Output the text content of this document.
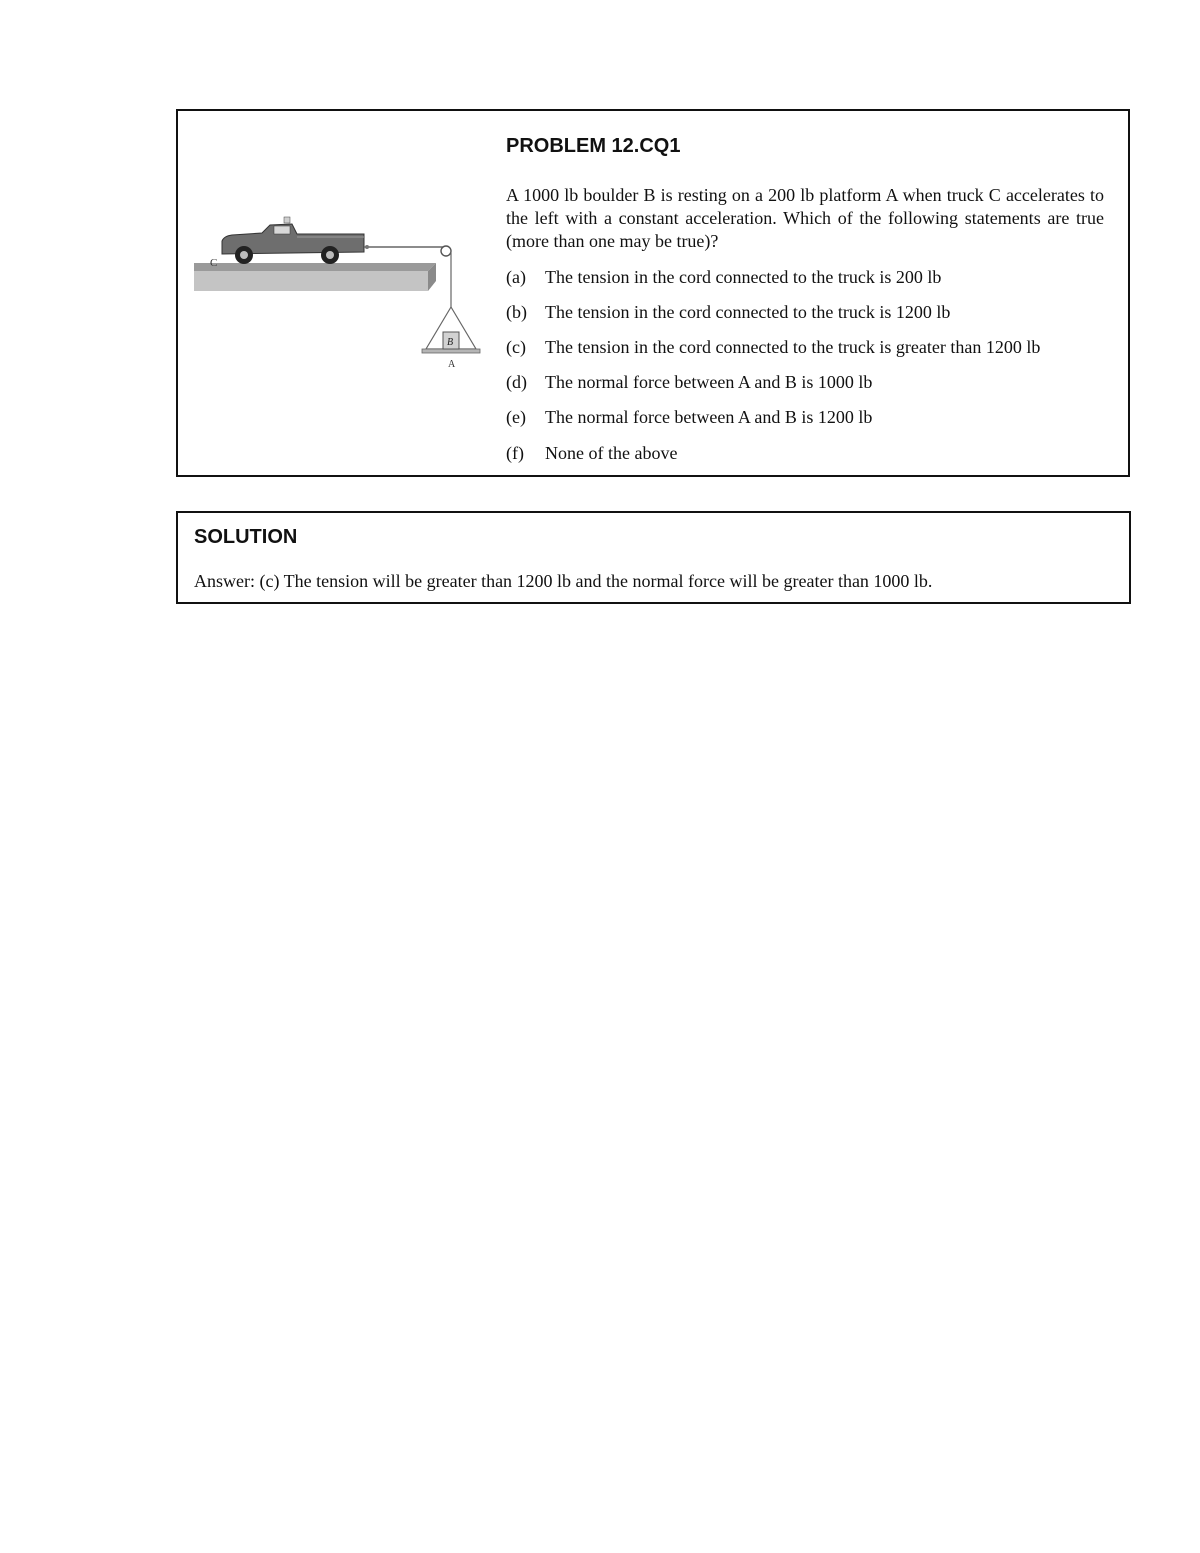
C
B
A
PROBLEM 12.CQ1

A 1000 lb boulder B is resting on a 200 lb platform A when truck C accelerates to the left with a constant acceleration. Which of the following statements are true (more than one may be true)?

(a) The tension in the cord connected to the truck is 200 lb
(b) The tension in the cord connected to the truck is 1200 lb
(c) The tension in the cord connected to the truck is greater than 1200 lb
(d) The normal force between A and B is 1000 lb
(e) The normal force between A and B is 1200 lb
(f) None of the above
SOLUTION
Answer: (c) The tension will be greater than 1200 lb and the normal force will be greater than 1000 lb.
